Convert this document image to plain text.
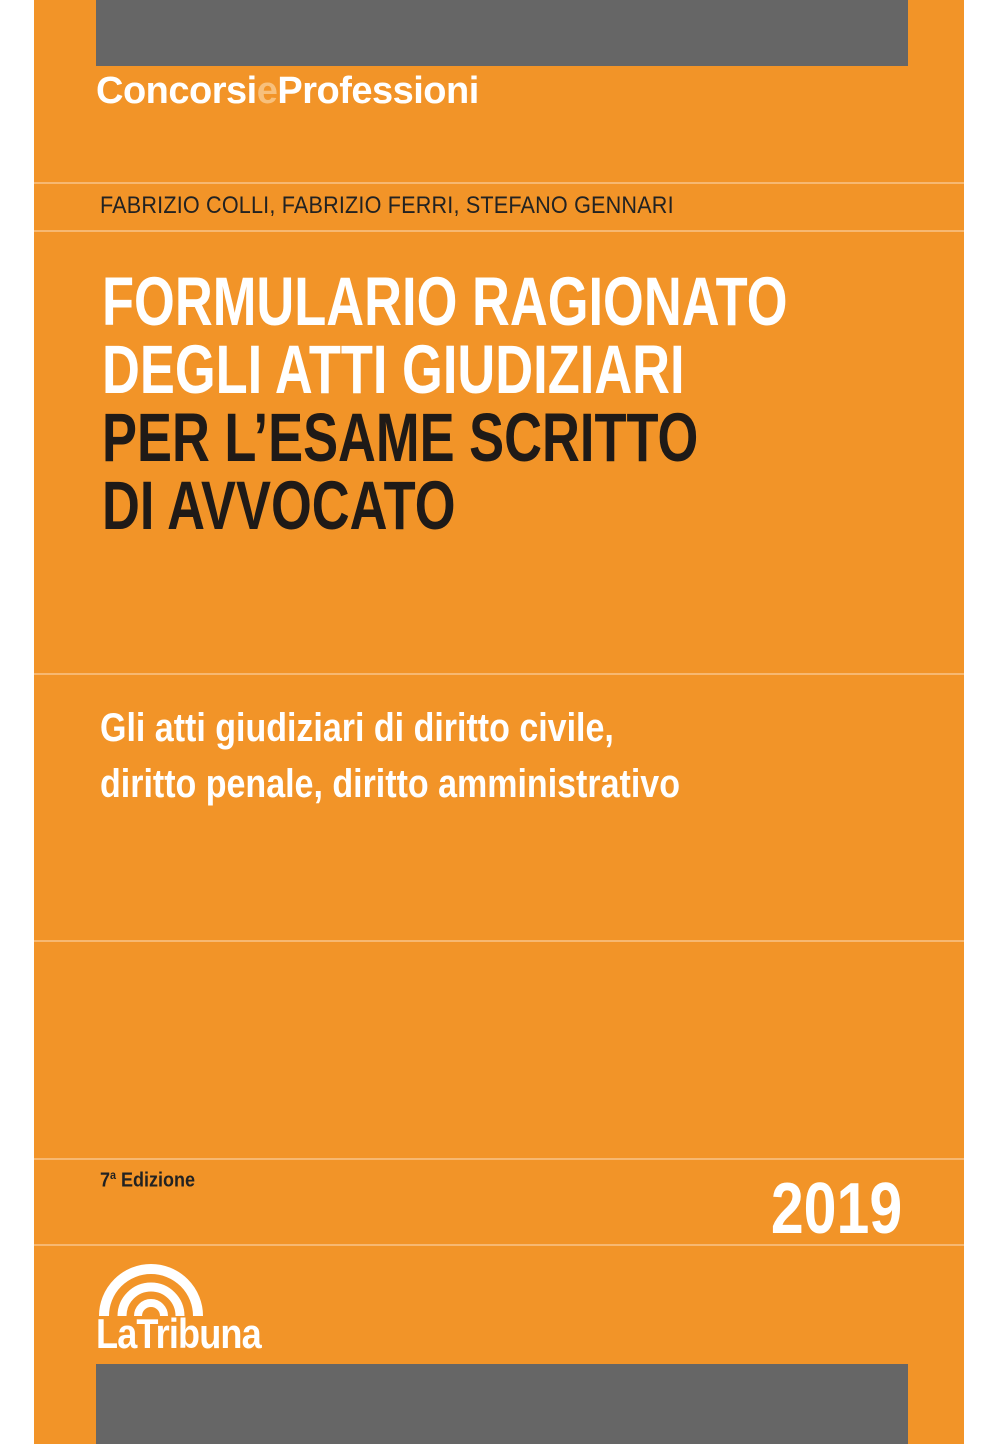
ConcorsieProfessioni
FABRIZIO COLLI, FABRIZIO FERRI, STEFANO GENNARI
FORMULARIO RAGIONATO
DEGLI ATTI GIUDIZIARI
PER L’ESAME SCRITTO
DI AVVOCATO
Gli atti giudiziari di diritto civile,
diritto penale, diritto amministrativo
7$^a$ Edizione	2019
LaTribuna
